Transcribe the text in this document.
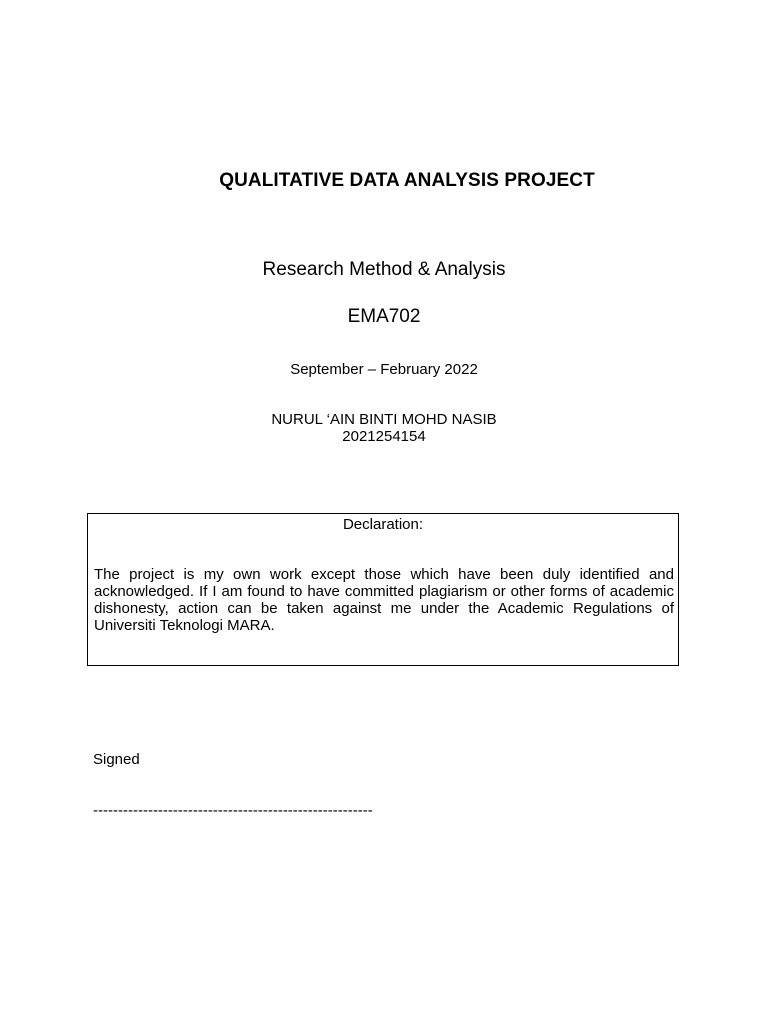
QUALITATIVE DATA ANALYSIS PROJECT
Research Method & Analysis
EMA702
September – February 2022
NURUL ‘AIN BINTI MOHD NASIB
2021254154
Declaration:

The project is my own work except those which have been duly identified and acknowledged. If I am found to have committed plagiarism or other forms of academic dishonesty, action can be taken against me under the Academic Regulations of Universiti Teknologi MARA.

Signed
--------------------------------------------------------
